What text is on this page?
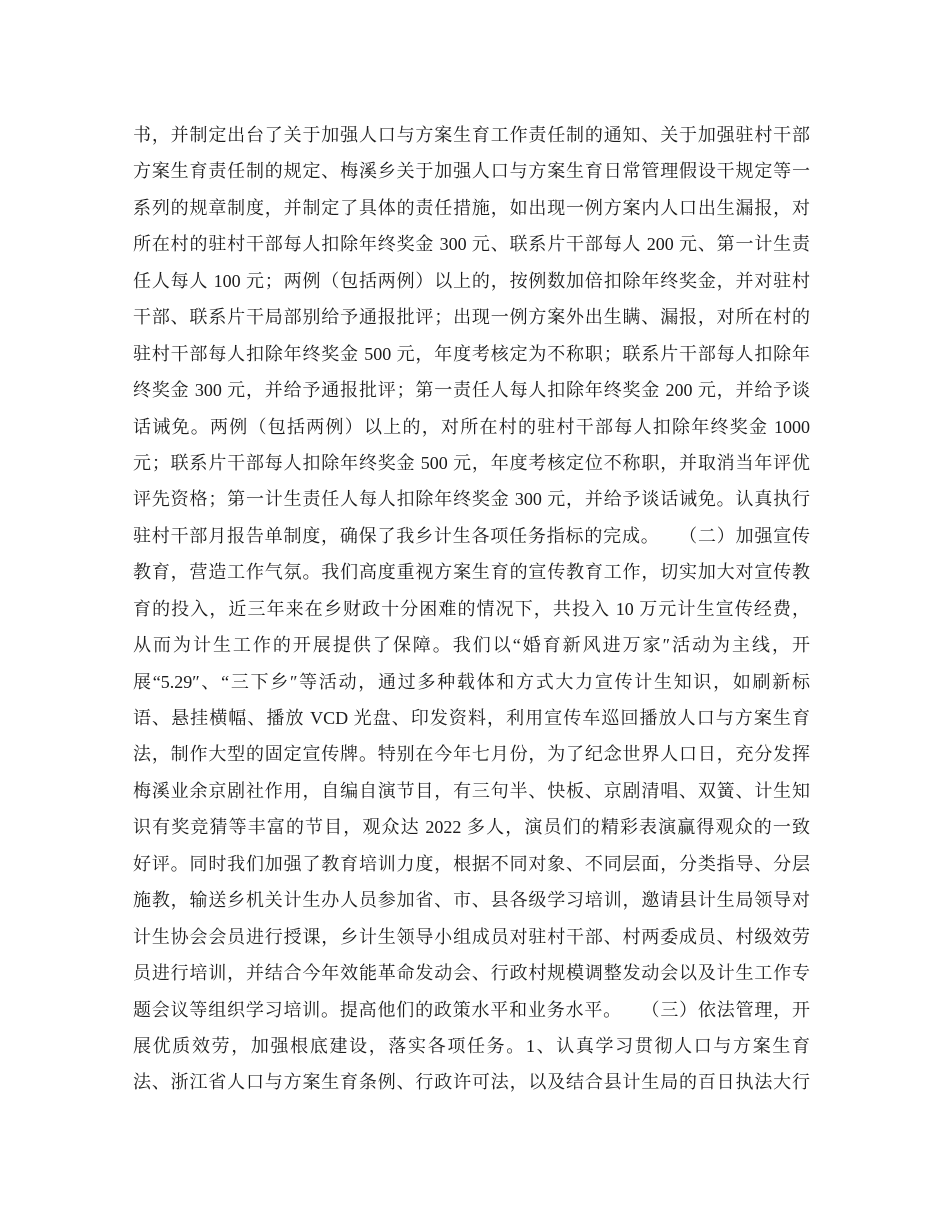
书，并制定出台了关于加强人口与方案生育工作责任制的通知、关于加强驻村干部
方案生育责任制的规定、梅溪乡关于加强人口与方案生育日常管理假设干规定等一
系列的规章制度，并制定了具体的责任措施，如出现一例方案内人口出生漏报，对
所在村的驻村干部每人扣除年终奖金 300 元、联系片干部每人 200 元、第一计生责
任人每人 100 元；两例（包括两例）以上的，按例数加倍扣除年终奖金，并对驻村
干部、联系片干局部别给予通报批评；出现一例方案外出生瞒、漏报，对所在村的
驻村干部每人扣除年终奖金 500 元，年度考核定为不称职；联系片干部每人扣除年
终奖金 300 元，并给予通报批评；第一责任人每人扣除年终奖金 200 元，并给予谈
话诫免。两例（包括两例）以上的，对所在村的驻村干部每人扣除年终奖金 1000
元；联系片干部每人扣除年终奖金 500 元，年度考核定位不称职，并取消当年评优
评先资格；第一计生责任人每人扣除年终奖金 300 元，并给予谈话诫免。认真执行
驻村干部月报告单制度，确保了我乡计生各项任务指标的完成。　　（二）加强宣传
教育，营造工作气氛。我们高度重视方案生育的宣传教育工作，切实加大对宣传教
育的投入，近三年来在乡财政十分困难的情况下，共投入 10 万元计生宣传经费，
从而为计生工作的开展提供了保障。我们以“婚育新风进万家″活动为主线，开
展“5.29″、“三下乡″等活动，通过多种载体和方式大力宣传计生知识，如刷新标
语、悬挂横幅、播放 VCD 光盘、印发资料，利用宣传车巡回播放人口与方案生育
法，制作大型的固定宣传牌。特别在今年七月份，为了纪念世界人口日，充分发挥
梅溪业余京剧社作用，自编自演节目，有三句半、快板、京剧清唱、双簧、计生知
识有奖竞猜等丰富的节目，观众达 2022 多人，演员们的精彩表演赢得观众的一致
好评。同时我们加强了教育培训力度，根据不同对象、不同层面，分类指导、分层
施教，输送乡机关计生办人员参加省、市、县各级学习培训，邀请县计生局领导对
计生协会会员进行授课，乡计生领导小组成员对驻村干部、村两委成员、村级效劳
员进行培训，并结合今年效能革命发动会、行政村规模调整发动会以及计生工作专
题会议等组织学习培训。提高他们的政策水平和业务水平。　　（三）依法管理，开
展优质效劳，加强根底建设，落实各项任务。1、认真学习贯彻人口与方案生育
法、浙江省人口与方案生育条例、行政许可法，以及结合县计生局的百日执法大行
